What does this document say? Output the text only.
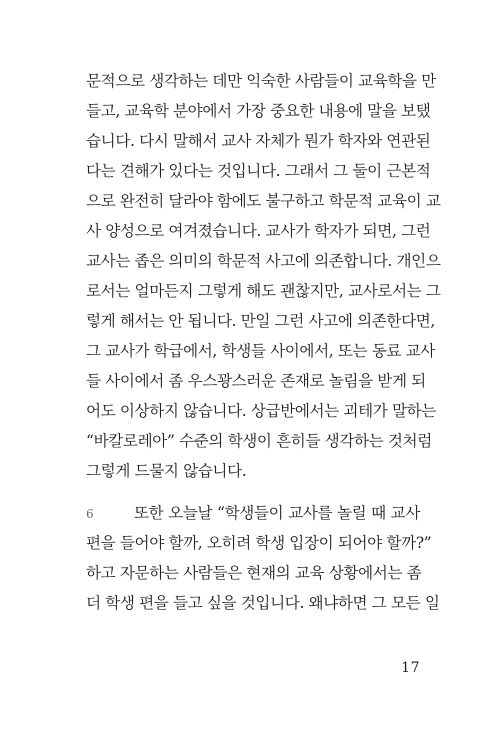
문적으로 생각하는 데만 익숙한 사람들이 교육학을 만
들고, 교육학 분야에서 가장 중요한 내용에 말을 보탰
습니다. 다시 말해서 교사 자체가 뭔가 학자와 연관된
다는 견해가 있다는 것입니다. 그래서 그 둘이 근본적
으로 완전히 달라야 함에도 불구하고 학문적 교육이 교
사 양성으로 여겨졌습니다. 교사가 학자가 되면, 그런
교사는 좁은 의미의 학문적 사고에 의존합니다. 개인으
로서는 얼마든지 그렇게 해도 괜찮지만, 교사로서는 그
렇게 해서는 안 됩니다. 만일 그런 사고에 의존한다면,
그 교사가 학급에서, 학생들 사이에서, 또는 동료 교사
들 사이에서 좀 우스꽝스러운 존재로 놀림을 받게 되
어도 이상하지 않습니다. 상급반에서는 괴테가 말하는
“바칼로레아” 수준의 학생이 흔히들 생각하는 것처럼
그렇게 드물지 않습니다.
6	또한 오늘날 “학생들이 교사를 놀릴 때 교사
편을 들어야 할까, 오히려 학생 입장이 되어야 할까?”
하고 자문하는 사람들은 현재의 교육 상황에서는 좀
더 학생 편을 들고 싶을 것입니다. 왜냐하면 그 모든 일
17
